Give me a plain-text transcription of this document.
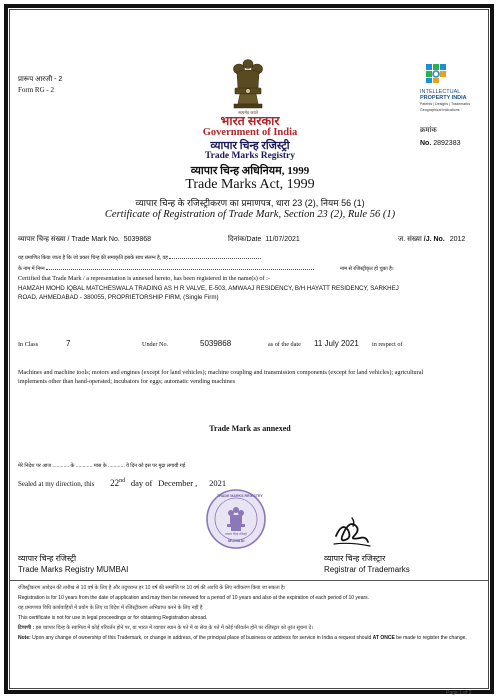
प्रारूप आरजी - 2
Form RG - 2
सत्यमेव जयते
INTELLECTUAL
PROPERTY INDIA
Patents | Designs | Trademarks
Geographical Indications
क्रमांक
No. 2892383
भारत सरकार
Government of India
व्यापार चिन्ह रजिस्ट्री
Trade Marks Registry
व्यापार चिन्ह अधिनियम, 1999
Trade Marks Act, 1999
व्यापार चिन्ह के रजिस्ट्रीकरण का प्रमाणपत्र, धारा 23 (2), नियम 56 (1)
Certificate of Registration of Trade Mark, Section 23 (2), Rule 56 (1)
व्यापार चिन्ह संख्या / Trade Mark No. 5039868	दिनांक/Date 11/07/2021	ज. संख्या /J. No. 2012
यह प्रमाणित किया जाता है कि जो प्रकार चिन्ह की समाकृति इसके साथ संलग्न है, वह
नाम से रजिस्ट्रीकृत हो चुका है।
के नाम में निम्न
Certified that Trade Mark / a representation is annexed hereto, has been registered in the name(s) of :-
HAMZAH MOHD IQBAL MATCHESWALA TRADING AS H R VALVE, E-503, AMWAAJ RESIDENCY, B/H HAYATT RESIDENCY, SARKHEJ
ROAD, AHMEDABAD - 380055, PROPRIETORSHIP FIRM, (Single Firm)
In Class	7	Under No.	5039868	as of the date 11 July 2021 in respect of
Machines and machine tools; motors and engines (except for land vehicles); machine coupling and transmission components (except for land vehicles); agricultural
implements other than hand-operated; incubators for eggs; automatic vending machines
Trade Mark as annexed
मेरे निदेश पर आज ............ के ............ मास के ............ वे दिन को इस पर मुद्रा लगायी गई
Sealed at my direction, this 22nd day of December , 2021
TRADE MARKS REGISTRY
MUMBAI
व्यापार चिन्ह रजिस्ट्री
व्यापार चिन्ह रजिस्ट्री
Trade Marks Registry MUMBAI
व्यापार चिन्ह रजिस्ट्रार
Registrar of Trademarks
रजिस्ट्रीकरण आवेदन की तारीख से 10 वर्ष के लिए है और तदुपरान्त हर 10 वर्ष की समाप्ति पर 10 वर्ष की अवधि के लिए नवीकरण किया जा सकता है।
Registration is for 10 years from the date of application and may then be renewed for a period of 10 years and also at the expiration of each period of 10 years.
यह प्रमाणपत्र विधि कार्यवाहियों में प्रयोग के लिए या विदेश में रजिस्ट्रीकरण अभिप्राप्त करने के लिए नहीं है
This certificate is not for use in legal proceedings or for obtaining Registration abroad.
टिप्पणी : इस व्यापार चिन्ह के स्वामित्व में कोई परिवर्तन होने पर, या भारत में व्यापार स्थान के पते में या सेवा के पते में कोई परिवर्तन होने पर रजिस्ट्रार को तुरंत सूचना दें।
Note: Upon any change of ownership of this Trademark, or change in address, of the principal place of business or address for service in India a request should AT ONCE be made to register the change.
Page 1 of 2
